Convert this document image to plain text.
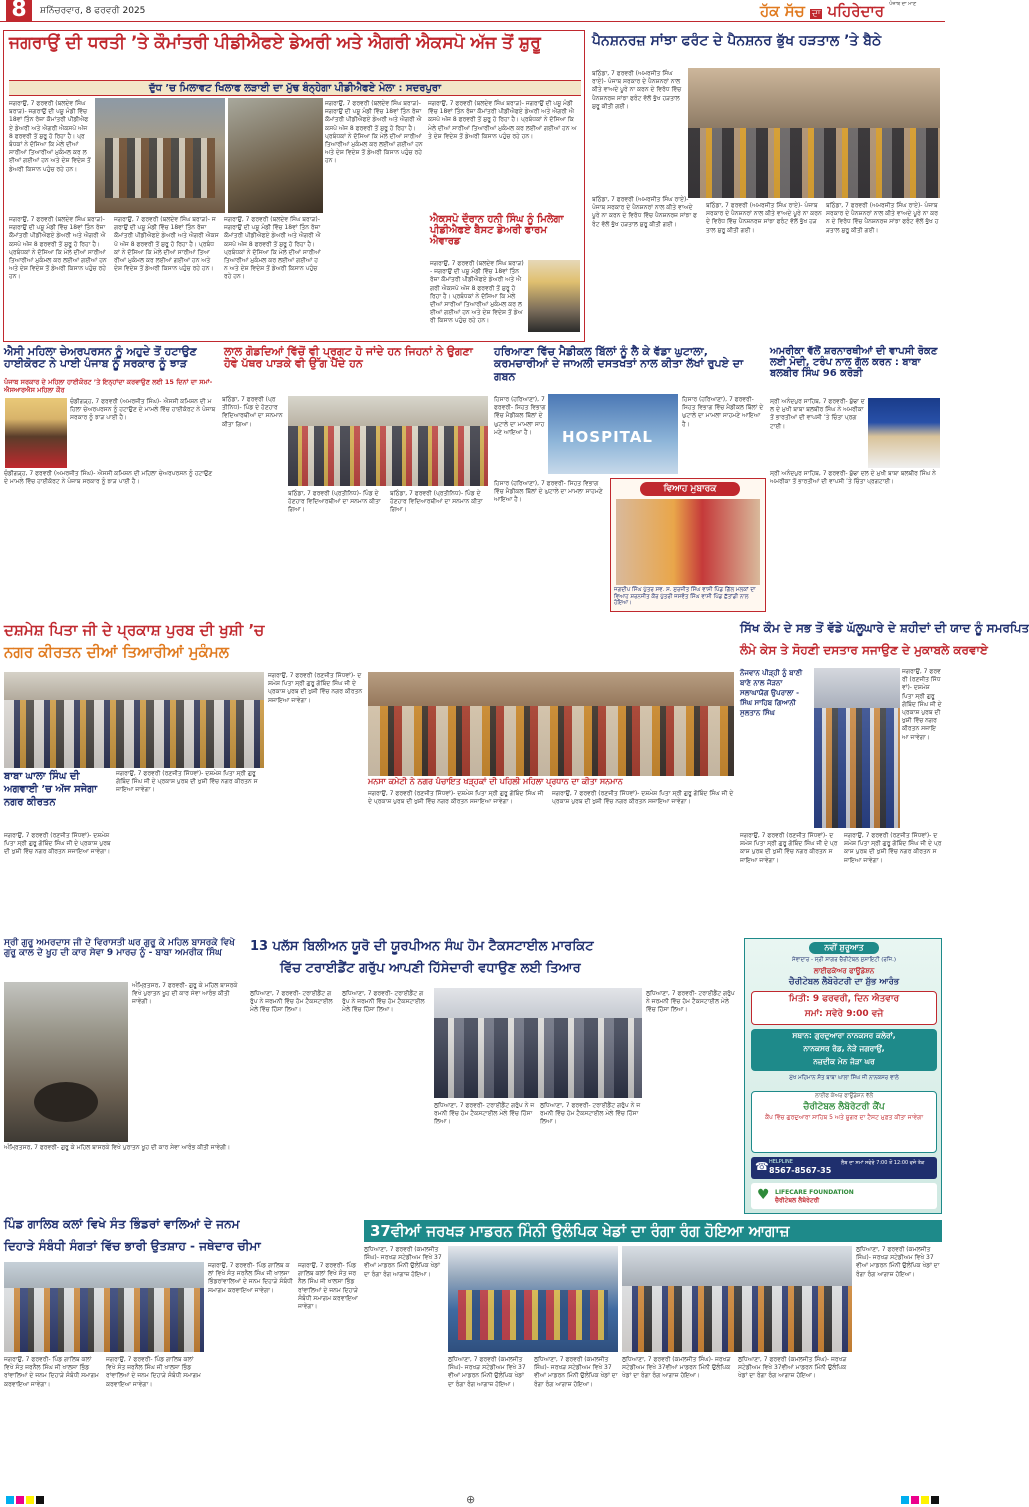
8	ਸ਼ਨਿੱਚਰਵਾਰ, 8 ਫਰਵਰੀ 2025	ਹੱਕ ਸੱਚ ਦਾ ਪਹਿਰੇਦਾਰ $^{ਪੰਜਾਬ ਦਾ ਮਾਣ}$
ਜਗਰਾਉਂ ਦੀ ਧਰਤੀ ’ਤੇ ਕੌਮਾਂਤਰੀ ਪੀਡੀਐਫਏ ਡੇਅਰੀ ਅਤੇ ਐਗਰੀ ਐਕਸਪੋ ਅੱਜ ਤੋਂ ਸ਼ੁਰੂ
ਦੁੱਧ ’ਚ ਮਿਲਾਵਟ ਖਿਲਾਫ ਲੜਾਈ ਦਾ ਮੁੱਢ ਬੰਨ੍ਹੇਗਾ ਪੀਡੀਐਫਏ ਮੇਲਾ : ਸਦਰਪੁਰਾ
ਜਗਰਾਉਂ, 7 ਫਰਵਰੀ (ਬਲਦੇਵ ਸਿੰਘ ਬਰਾੜ)- ਜਗਰਾਉਂ ਦੀ ਪਸ਼ੂ ਮੰਡੀ ਵਿੱਚ 18ਵਾਂ ਤਿੰਨ ਰੋਜ਼ਾ ਕੌਮਾਂਤਰੀ ਪੀਡੀਐਫਏ ਡੇਅਰੀ ਅਤੇ ਐਗਰੀ ਐਕਸਪੋ ਅੱਜ 8 ਫਰਵਰੀ ਤੋਂ ਸ਼ੁਰੂ ਹੋ ਰਿਹਾ ਹੈ। ਪ੍ਰਬੰਧਕਾਂ ਨੇ ਦੱਸਿਆ ਕਿ ਮੇਲੇ ਦੀਆਂ ਸਾਰੀਆਂ ਤਿਆਰੀਆਂ ਮੁਕੰਮਲ ਕਰ ਲਈਆਂ ਗਈਆਂ ਹਨ ਅਤੇ ਦੇਸ਼ ਵਿਦੇਸ਼ ਤੋਂ ਡੇਅਰੀ ਕਿਸਾਨ ਪਹੁੰਚ ਰਹੇ ਹਨ।
ਜਗਰਾਉਂ, 7 ਫਰਵਰੀ (ਬਲਦੇਵ ਸਿੰਘ ਬਰਾੜ)- ਜਗਰਾਉਂ ਦੀ ਪਸ਼ੂ ਮੰਡੀ ਵਿੱਚ 18ਵਾਂ ਤਿੰਨ ਰੋਜ਼ਾ ਕੌਮਾਂਤਰੀ ਪੀਡੀਐਫਏ ਡੇਅਰੀ ਅਤੇ ਐਗਰੀ ਐਕਸਪੋ ਅੱਜ 8 ਫਰਵਰੀ ਤੋਂ ਸ਼ੁਰੂ ਹੋ ਰਿਹਾ ਹੈ। ਪ੍ਰਬੰਧਕਾਂ ਨੇ ਦੱਸਿਆ ਕਿ ਮੇਲੇ ਦੀਆਂ ਸਾਰੀਆਂ ਤਿਆਰੀਆਂ ਮੁਕੰਮਲ ਕਰ ਲਈਆਂ ਗਈਆਂ ਹਨ ਅਤੇ ਦੇਸ਼ ਵਿਦੇਸ਼ ਤੋਂ ਡੇਅਰੀ ਕਿਸਾਨ ਪਹੁੰਚ ਰਹੇ ਹਨ।
ਜਗਰਾਉਂ, 7 ਫਰਵਰੀ (ਬਲਦੇਵ ਸਿੰਘ ਬਰਾੜ)- ਜਗਰਾਉਂ ਦੀ ਪਸ਼ੂ ਮੰਡੀ ਵਿੱਚ 18ਵਾਂ ਤਿੰਨ ਰੋਜ਼ਾ ਕੌਮਾਂਤਰੀ ਪੀਡੀਐਫਏ ਡੇਅਰੀ ਅਤੇ ਐਗਰੀ ਐਕਸਪੋ ਅੱਜ 8 ਫਰਵਰੀ ਤੋਂ ਸ਼ੁਰੂ ਹੋ ਰਿਹਾ ਹੈ। ਪ੍ਰਬੰਧਕਾਂ ਨੇ ਦੱਸਿਆ ਕਿ ਮੇਲੇ ਦੀਆਂ ਸਾਰੀਆਂ ਤਿਆਰੀਆਂ ਮੁਕੰਮਲ ਕਰ ਲਈਆਂ ਗਈਆਂ ਹਨ ਅਤੇ ਦੇਸ਼ ਵਿਦੇਸ਼ ਤੋਂ ਡੇਅਰੀ ਕਿਸਾਨ ਪਹੁੰਚ ਰਹੇ ਹਨ।
ਜਗਰਾਉਂ, 7 ਫਰਵਰੀ (ਬਲਦੇਵ ਸਿੰਘ ਬਰਾੜ)- ਜਗਰਾਉਂ ਦੀ ਪਸ਼ੂ ਮੰਡੀ ਵਿੱਚ 18ਵਾਂ ਤਿੰਨ ਰੋਜ਼ਾ ਕੌਮਾਂਤਰੀ ਪੀਡੀਐਫਏ ਡੇਅਰੀ ਅਤੇ ਐਗਰੀ ਐਕਸਪੋ ਅੱਜ 8 ਫਰਵਰੀ ਤੋਂ ਸ਼ੁਰੂ ਹੋ ਰਿਹਾ ਹੈ। ਪ੍ਰਬੰਧਕਾਂ ਨੇ ਦੱਸਿਆ ਕਿ ਮੇਲੇ ਦੀਆਂ ਸਾਰੀਆਂ ਤਿਆਰੀਆਂ ਮੁਕੰਮਲ ਕਰ ਲਈਆਂ ਗਈਆਂ ਹਨ ਅਤੇ ਦੇਸ਼ ਵਿਦੇਸ਼ ਤੋਂ ਡੇਅਰੀ ਕਿਸਾਨ ਪਹੁੰਚ ਰਹੇ ਹਨ।
ਜਗਰਾਉਂ, 7 ਫਰਵਰੀ (ਬਲਦੇਵ ਸਿੰਘ ਬਰਾੜ)- ਜਗਰਾਉਂ ਦੀ ਪਸ਼ੂ ਮੰਡੀ ਵਿੱਚ 18ਵਾਂ ਤਿੰਨ ਰੋਜ਼ਾ ਕੌਮਾਂਤਰੀ ਪੀਡੀਐਫਏ ਡੇਅਰੀ ਅਤੇ ਐਗਰੀ ਐਕਸਪੋ ਅੱਜ 8 ਫਰਵਰੀ ਤੋਂ ਸ਼ੁਰੂ ਹੋ ਰਿਹਾ ਹੈ। ਪ੍ਰਬੰਧਕਾਂ ਨੇ ਦੱਸਿਆ ਕਿ ਮੇਲੇ ਦੀਆਂ ਸਾਰੀਆਂ ਤਿਆਰੀਆਂ ਮੁਕੰਮਲ ਕਰ ਲਈਆਂ ਗਈਆਂ ਹਨ ਅਤੇ ਦੇਸ਼ ਵਿਦੇਸ਼ ਤੋਂ ਡੇਅਰੀ ਕਿਸਾਨ ਪਹੁੰਚ ਰਹੇ ਹਨ।
ਜਗਰਾਉਂ, 7 ਫਰਵਰੀ (ਬਲਦੇਵ ਸਿੰਘ ਬਰਾੜ)- ਜਗਰਾਉਂ ਦੀ ਪਸ਼ੂ ਮੰਡੀ ਵਿੱਚ 18ਵਾਂ ਤਿੰਨ ਰੋਜ਼ਾ ਕੌਮਾਂਤਰੀ ਪੀਡੀਐਫਏ ਡੇਅਰੀ ਅਤੇ ਐਗਰੀ ਐਕਸਪੋ ਅੱਜ 8 ਫਰਵਰੀ ਤੋਂ ਸ਼ੁਰੂ ਹੋ ਰਿਹਾ ਹੈ। ਪ੍ਰਬੰਧਕਾਂ ਨੇ ਦੱਸਿਆ ਕਿ ਮੇਲੇ ਦੀਆਂ ਸਾਰੀਆਂ ਤਿਆਰੀਆਂ ਮੁਕੰਮਲ ਕਰ ਲਈਆਂ ਗਈਆਂ ਹਨ ਅਤੇ ਦੇਸ਼ ਵਿਦੇਸ਼ ਤੋਂ ਡੇਅਰੀ ਕਿਸਾਨ ਪਹੁੰਚ ਰਹੇ ਹਨ।
ਐਕਸਪੋ ਦੌਰਾਨ ਹਨੀ ਸਿੰਘ ਨੂੰ ਮਿਲੇਗਾ ਪੀਡੀਐਫਏ ਬੈਸਟ ਡੇਅਰੀ ਫਾਰਮ ਐਵਾਰਡ
ਜਗਰਾਉਂ, 7 ਫਰਵਰੀ (ਬਲਦੇਵ ਸਿੰਘ ਬਰਾੜ)- ਜਗਰਾਉਂ ਦੀ ਪਸ਼ੂ ਮੰਡੀ ਵਿੱਚ 18ਵਾਂ ਤਿੰਨ ਰੋਜ਼ਾ ਕੌਮਾਂਤਰੀ ਪੀਡੀਐਫਏ ਡੇਅਰੀ ਅਤੇ ਐਗਰੀ ਐਕਸਪੋ ਅੱਜ 8 ਫਰਵਰੀ ਤੋਂ ਸ਼ੁਰੂ ਹੋ ਰਿਹਾ ਹੈ। ਪ੍ਰਬੰਧਕਾਂ ਨੇ ਦੱਸਿਆ ਕਿ ਮੇਲੇ ਦੀਆਂ ਸਾਰੀਆਂ ਤਿਆਰੀਆਂ ਮੁਕੰਮਲ ਕਰ ਲਈਆਂ ਗਈਆਂ ਹਨ ਅਤੇ ਦੇਸ਼ ਵਿਦੇਸ਼ ਤੋਂ ਡੇਅਰੀ ਕਿਸਾਨ ਪਹੁੰਚ ਰਹੇ ਹਨ।
ਪੈਨਸ਼ਨਰਜ਼ ਸਾਂਝਾ ਫਰੰਟ ਦੇ ਪੈਨਸ਼ਨਰ ਭੁੱਖ ਹੜਤਾਲ ’ਤੇ ਬੈਠੇ
ਬਠਿੰਡਾ, 7 ਫਰਵਰੀ (ਅਮਰਜੀਤ ਸਿੰਘ ਰਾਏ)- ਪੰਜਾਬ ਸਰਕਾਰ ਦੇ ਪੈਨਸ਼ਨਰਾਂ ਨਾਲ ਕੀਤੇ ਵਾਅਦੇ ਪੂਰੇ ਨਾ ਕਰਨ ਦੇ ਵਿਰੋਧ ਵਿੱਚ ਪੈਨਸ਼ਨਰਜ਼ ਸਾਂਝਾ ਫਰੰਟ ਵੱਲੋਂ ਭੁੱਖ ਹੜਤਾਲ ਸ਼ੁਰੂ ਕੀਤੀ ਗਈ।
ਬਠਿੰਡਾ, 7 ਫਰਵਰੀ (ਅਮਰਜੀਤ ਸਿੰਘ ਰਾਏ)- ਪੰਜਾਬ ਸਰਕਾਰ ਦੇ ਪੈਨਸ਼ਨਰਾਂ ਨਾਲ ਕੀਤੇ ਵਾਅਦੇ ਪੂਰੇ ਨਾ ਕਰਨ ਦੇ ਵਿਰੋਧ ਵਿੱਚ ਪੈਨਸ਼ਨਰਜ਼ ਸਾਂਝਾ ਫਰੰਟ ਵੱਲੋਂ ਭੁੱਖ ਹੜਤਾਲ ਸ਼ੁਰੂ ਕੀਤੀ ਗਈ।
ਬਠਿੰਡਾ, 7 ਫਰਵਰੀ (ਅਮਰਜੀਤ ਸਿੰਘ ਰਾਏ)- ਪੰਜਾਬ ਸਰਕਾਰ ਦੇ ਪੈਨਸ਼ਨਰਾਂ ਨਾਲ ਕੀਤੇ ਵਾਅਦੇ ਪੂਰੇ ਨਾ ਕਰਨ ਦੇ ਵਿਰੋਧ ਵਿੱਚ ਪੈਨਸ਼ਨਰਜ਼ ਸਾਂਝਾ ਫਰੰਟ ਵੱਲੋਂ ਭੁੱਖ ਹੜਤਾਲ ਸ਼ੁਰੂ ਕੀਤੀ ਗਈ।
ਬਠਿੰਡਾ, 7 ਫਰਵਰੀ (ਅਮਰਜੀਤ ਸਿੰਘ ਰਾਏ)- ਪੰਜਾਬ ਸਰਕਾਰ ਦੇ ਪੈਨਸ਼ਨਰਾਂ ਨਾਲ ਕੀਤੇ ਵਾਅਦੇ ਪੂਰੇ ਨਾ ਕਰਨ ਦੇ ਵਿਰੋਧ ਵਿੱਚ ਪੈਨਸ਼ਨਰਜ਼ ਸਾਂਝਾ ਫਰੰਟ ਵੱਲੋਂ ਭੁੱਖ ਹੜਤਾਲ ਸ਼ੁਰੂ ਕੀਤੀ ਗਈ।
ਐਸੀ ਮਹਿਲਾ ਚੇਅਰਪਰਸਨ ਨੂੰ ਅਹੁਦੇ ਤੋਂ ਹਟਾਉਣ ਹਾਈਕੋਰਟ ਨੇ ਪਾਈ ਪੰਜਾਬ ਨੂੰ ਸਰਕਾਰ ਨੂੰ ਝਾੜ
ਪੰਜਾਬ ਸਰਕਾਰ ਦੇ ਮਹਿਲਾ ਹਾਈਕੋਰਟ ’ਤੇ ਇਨ੍ਹਾਂਦਾ ਕਰਵਾਉਣ ਲਈ 15 ਦਿਨਾਂ ਦਾ ਸਮਾਂ-ਐਸਆਰਐਸ ਮਹਿਲਾ ਕੌਰ
ਚੰਡੀਗੜ੍ਹ, 7 ਫਰਵਰੀ (ਅਮਰਜੀਤ ਸਿੰਘ)- ਐਸਸੀ ਕਮਿਸ਼ਨ ਦੀ ਮਹਿਲਾ ਚੇਅਰਪਰਸਨ ਨੂੰ ਹਟਾਉਣ ਦੇ ਮਾਮਲੇ ਵਿੱਚ ਹਾਈਕੋਰਟ ਨੇ ਪੰਜਾਬ ਸਰਕਾਰ ਨੂੰ ਝਾੜ ਪਾਈ ਹੈ।
ਚੰਡੀਗੜ੍ਹ, 7 ਫਰਵਰੀ (ਅਮਰਜੀਤ ਸਿੰਘ)- ਐਸਸੀ ਕਮਿਸ਼ਨ ਦੀ ਮਹਿਲਾ ਚੇਅਰਪਰਸਨ ਨੂੰ ਹਟਾਉਣ ਦੇ ਮਾਮਲੇ ਵਿੱਚ ਹਾਈਕੋਰਟ ਨੇ ਪੰਜਾਬ ਸਰਕਾਰ ਨੂੰ ਝਾੜ ਪਾਈ ਹੈ।
ਲਾਲ ਗੋਡਦਿਆਂ ਵਿੱਚੋਂ ਵੀ ਪ੍ਰਗਟ ਹੋ ਜਾਂਦੇ ਹਨ ਜਿਹਨਾਂ ਨੇ ਉਗਣਾ ਹੋਵੇ ਪੱਥਰ ਪਾੜਕੇ ਵੀ ਉੱਗ ਪੈਂਦੇ ਹਨ
ਬਠਿੰਡਾ, 7 ਫਰਵਰੀ (ਪ੍ਰਤੀਨਿਧ)- ਪਿੰਡ ਦੇ ਹੋਣਹਾਰ ਵਿਦਿਆਰਥੀਆਂ ਦਾ ਸਨਮਾਨ ਕੀਤਾ ਗਿਆ।
ਬਠਿੰਡਾ, 7 ਫਰਵਰੀ (ਪ੍ਰਤੀਨਿਧ)- ਪਿੰਡ ਦੇ ਹੋਣਹਾਰ ਵਿਦਿਆਰਥੀਆਂ ਦਾ ਸਨਮਾਨ ਕੀਤਾ ਗਿਆ।
ਬਠਿੰਡਾ, 7 ਫਰਵਰੀ (ਪ੍ਰਤੀਨਿਧ)- ਪਿੰਡ ਦੇ ਹੋਣਹਾਰ ਵਿਦਿਆਰਥੀਆਂ ਦਾ ਸਨਮਾਨ ਕੀਤਾ ਗਿਆ।
ਹਰਿਆਣਾ ਵਿੱਚ ਮੈਡੀਕਲ ਬਿੱਲਾਂ ਨੂੰ ਲੈ ਕੇ ਵੱਡਾ ਘੁਟਾਲਾ, ਕਰਮਚਾਰੀਆਂ ਦੇ ਜਾਅਲੀ ਦਸਤਖਤਾਂ ਨਾਲ ਕੀਤਾ ਲੱਖਾਂ ਰੁਪਏ ਦਾ ਗਬਨ
ਹਿਸਾਰ (ਹਰਿਆਣਾ), 7 ਫਰਵਰੀ- ਸਿਹਤ ਵਿਭਾਗ ਵਿੱਚ ਮੈਡੀਕਲ ਬਿੱਲਾਂ ਦੇ ਘੁਟਾਲੇ ਦਾ ਮਾਮਲਾ ਸਾਹਮਣੇ ਆਇਆ ਹੈ।	HOSPITAL
ਹਿਸਾਰ (ਹਰਿਆਣਾ), 7 ਫਰਵਰੀ- ਸਿਹਤ ਵਿਭਾਗ ਵਿੱਚ ਮੈਡੀਕਲ ਬਿੱਲਾਂ ਦੇ ਘੁਟਾਲੇ ਦਾ ਮਾਮਲਾ ਸਾਹਮਣੇ ਆਇਆ ਹੈ।
ਹਿਸਾਰ (ਹਰਿਆਣਾ), 7 ਫਰਵਰੀ- ਸਿਹਤ ਵਿਭਾਗ ਵਿੱਚ ਮੈਡੀਕਲ ਬਿੱਲਾਂ ਦੇ ਘੁਟਾਲੇ ਦਾ ਮਾਮਲਾ ਸਾਹਮਣੇ ਆਇਆ ਹੈ।
ਵਿਆਹ ਮੁਬਾਰਕ
ਜਗਦੀਪ ਸਿੰਘ ਪੁੱਤਰ ਸਵ. ਸ. ਸੁਰਜੀਤ ਸਿੰਘ ਵਾਸੀ ਪਿੰਡ ਗਿੱਲ ਮਲਕਾਂ ਦਾ ਵਿਆਹ ਸ਼ਰਨਜੀਤ ਕੌਰ ਪੁੱਤਰੀ ਜਸਵੰਤ ਸਿੰਘ ਵਾਸੀ ਪਿੰਡ ਛੱਤਾਂਡੀ ਨਾਲ ਹੋਇਆ।
ਅਮਰੀਕਾ ਵੱਲੋਂ ਸ਼ਰਨਾਰਥੀਆਂ ਦੀ ਵਾਪਸੀ ਰੋਕਣ ਲਈ ਮੋਦੀ, ਟਰੰਪ ਨਾਲ ਗੱਲ ਕਰਨ : ਬਾਬਾ ਬਲਬੀਰ ਸਿੰਘ 96 ਕਰੋੜੀ
ਸ੍ਰੀ ਅਨੰਦਪੁਰ ਸਾਹਿਬ, 7 ਫਰਵਰੀ- ਬੁੱਢਾ ਦਲ ਦੇ ਮੁਖੀ ਬਾਬਾ ਬਲਬੀਰ ਸਿੰਘ ਨੇ ਅਮਰੀਕਾ ਤੋਂ ਭਾਰਤੀਆਂ ਦੀ ਵਾਪਸੀ ’ਤੇ ਚਿੰਤਾ ਪ੍ਰਗਟਾਈ।
ਸ੍ਰੀ ਅਨੰਦਪੁਰ ਸਾਹਿਬ, 7 ਫਰਵਰੀ- ਬੁੱਢਾ ਦਲ ਦੇ ਮੁਖੀ ਬਾਬਾ ਬਲਬੀਰ ਸਿੰਘ ਨੇ ਅਮਰੀਕਾ ਤੋਂ ਭਾਰਤੀਆਂ ਦੀ ਵਾਪਸੀ ’ਤੇ ਚਿੰਤਾ ਪ੍ਰਗਟਾਈ।
ਦਸ਼ਮੇਸ਼ ਪਿਤਾ ਜੀ ਦੇ ਪ੍ਰਕਾਸ਼ ਪੁਰਬ ਦੀ ਖੁਸ਼ੀ ’ਚ
ਨਗਰ ਕੀਰਤਨ ਦੀਆਂ ਤਿਆਰੀਆਂ ਮੁਕੰਮਲ
ਬਾਬਾ ਘਾਲਾ ਸਿੰਘ ਦੀ ਅਗਵਾਈ ’ਚ ਅੱਜ ਸਜੇਗਾ ਨਗਰ ਕੀਰਤਨ
ਜਗਰਾਉਂ, 7 ਫਰਵਰੀ (ਰਣਜੀਤ ਸਿੱਧਵਾਂ)- ਦਸ਼ਮੇਸ਼ ਪਿਤਾ ਸ੍ਰੀ ਗੁਰੂ ਗੋਬਿੰਦ ਸਿੰਘ ਜੀ ਦੇ ਪ੍ਰਕਾਸ਼ ਪੁਰਬ ਦੀ ਖੁਸ਼ੀ ਵਿੱਚ ਨਗਰ ਕੀਰਤਨ ਸਜਾਇਆ ਜਾਵੇਗਾ।
ਜਗਰਾਉਂ, 7 ਫਰਵਰੀ (ਰਣਜੀਤ ਸਿੱਧਵਾਂ)- ਦਸ਼ਮੇਸ਼ ਪਿਤਾ ਸ੍ਰੀ ਗੁਰੂ ਗੋਬਿੰਦ ਸਿੰਘ ਜੀ ਦੇ ਪ੍ਰਕਾਸ਼ ਪੁਰਬ ਦੀ ਖੁਸ਼ੀ ਵਿੱਚ ਨਗਰ ਕੀਰਤਨ ਸਜਾਇਆ ਜਾਵੇਗਾ।
ਜਗਰਾਉਂ, 7 ਫਰਵਰੀ (ਰਣਜੀਤ ਸਿੱਧਵਾਂ)- ਦਸ਼ਮੇਸ਼ ਪਿਤਾ ਸ੍ਰੀ ਗੁਰੂ ਗੋਬਿੰਦ ਸਿੰਘ ਜੀ ਦੇ ਪ੍ਰਕਾਸ਼ ਪੁਰਬ ਦੀ ਖੁਸ਼ੀ ਵਿੱਚ ਨਗਰ ਕੀਰਤਨ ਸਜਾਇਆ ਜਾਵੇਗਾ।
ਮਨਸਾ ਕਮੇਟੀ ਨੇ ਨਗਰ ਪੰਚਾਇਤ ਖੜ੍ਹਕਾਂ ਦੀ ਪਹਿਲੀ ਮਹਿਲਾ ਪ੍ਰਧਾਨ ਦਾ ਕੀਤਾ ਸਨਮਾਨ
ਜਗਰਾਉਂ, 7 ਫਰਵਰੀ (ਰਣਜੀਤ ਸਿੱਧਵਾਂ)- ਦਸ਼ਮੇਸ਼ ਪਿਤਾ ਸ੍ਰੀ ਗੁਰੂ ਗੋਬਿੰਦ ਸਿੰਘ ਜੀ ਦੇ ਪ੍ਰਕਾਸ਼ ਪੁਰਬ ਦੀ ਖੁਸ਼ੀ ਵਿੱਚ ਨਗਰ ਕੀਰਤਨ ਸਜਾਇਆ ਜਾਵੇਗਾ।
ਜਗਰਾਉਂ, 7 ਫਰਵਰੀ (ਰਣਜੀਤ ਸਿੱਧਵਾਂ)- ਦਸ਼ਮੇਸ਼ ਪਿਤਾ ਸ੍ਰੀ ਗੁਰੂ ਗੋਬਿੰਦ ਸਿੰਘ ਜੀ ਦੇ ਪ੍ਰਕਾਸ਼ ਪੁਰਬ ਦੀ ਖੁਸ਼ੀ ਵਿੱਚ ਨਗਰ ਕੀਰਤਨ ਸਜਾਇਆ ਜਾਵੇਗਾ।
ਸਿੱਖ ਕੌਮ ਦੇ ਸਭ ਤੋਂ ਵੱਡੇ ਘੱਲੂਘਾਰੇ ਦੇ ਸ਼ਹੀਦਾਂ ਦੀ ਯਾਦ ਨੂੰ ਸਮਰਪਿਤ
ਲੰਮੇ ਕੇਸ ਤੇ ਸੋਹਣੀ ਦਸਤਾਰ ਸਜਾਉਣ ਦੇ ਮੁਕਾਬਲੇ ਕਰਵਾਏ
ਨੌਜਵਾਨ ਪੀੜ੍ਹੀ ਨੂੰ ਬਾਣੀ ਬਾਣੇ ਨਾਲ ਜੋੜਨਾ ਸਲਾਘਾਯੋਗ ਉਪਰਾਲਾ - ਸਿੰਘ ਸਾਹਿਬ ਗਿਆਨੀ ਸੁਲਤਾਨ ਸਿੰਘ
ਜਗਰਾਉਂ, 7 ਫਰਵਰੀ (ਰਣਜੀਤ ਸਿੱਧਵਾਂ)- ਦਸ਼ਮੇਸ਼ ਪਿਤਾ ਸ੍ਰੀ ਗੁਰੂ ਗੋਬਿੰਦ ਸਿੰਘ ਜੀ ਦੇ ਪ੍ਰਕਾਸ਼ ਪੁਰਬ ਦੀ ਖੁਸ਼ੀ ਵਿੱਚ ਨਗਰ ਕੀਰਤਨ ਸਜਾਇਆ ਜਾਵੇਗਾ।
ਜਗਰਾਉਂ, 7 ਫਰਵਰੀ (ਰਣਜੀਤ ਸਿੱਧਵਾਂ)- ਦਸ਼ਮੇਸ਼ ਪਿਤਾ ਸ੍ਰੀ ਗੁਰੂ ਗੋਬਿੰਦ ਸਿੰਘ ਜੀ ਦੇ ਪ੍ਰਕਾਸ਼ ਪੁਰਬ ਦੀ ਖੁਸ਼ੀ ਵਿੱਚ ਨਗਰ ਕੀਰਤਨ ਸਜਾਇਆ ਜਾਵੇਗਾ।
ਜਗਰਾਉਂ, 7 ਫਰਵਰੀ (ਰਣਜੀਤ ਸਿੱਧਵਾਂ)- ਦਸ਼ਮੇਸ਼ ਪਿਤਾ ਸ੍ਰੀ ਗੁਰੂ ਗੋਬਿੰਦ ਸਿੰਘ ਜੀ ਦੇ ਪ੍ਰਕਾਸ਼ ਪੁਰਬ ਦੀ ਖੁਸ਼ੀ ਵਿੱਚ ਨਗਰ ਕੀਰਤਨ ਸਜਾਇਆ ਜਾਵੇਗਾ।
ਸ੍ਰੀ ਗੁਰੂ ਅਮਰਦਾਸ ਜੀ ਦੇ ਵਿਰਾਸਤੀ ਘਰ ਗੁਰੂ ਕੇ ਮਹਿਲ ਬਾਸਰਕੇ ਵਿਖੇ ਗੁਰੂ ਕਾਲ ਦੇ ਖੂਹ ਦੀ ਕਾਰ ਸੇਵਾ 9 ਮਾਰਚ ਨੂੰ - ਬਾਬਾ ਅਮਰੀਕ ਸਿੰਘ
ਅੰਮ੍ਰਿਤਸਰ, 7 ਫਰਵਰੀ- ਗੁਰੂ ਕੇ ਮਹਿਲ ਬਾਸਰਕੇ ਵਿਖੇ ਪੁਰਾਤਨ ਖੂਹ ਦੀ ਕਾਰ ਸੇਵਾ ਆਰੰਭ ਕੀਤੀ ਜਾਵੇਗੀ।
ਅੰਮ੍ਰਿਤਸਰ, 7 ਫਰਵਰੀ- ਗੁਰੂ ਕੇ ਮਹਿਲ ਬਾਸਰਕੇ ਵਿਖੇ ਪੁਰਾਤਨ ਖੂਹ ਦੀ ਕਾਰ ਸੇਵਾ ਆਰੰਭ ਕੀਤੀ ਜਾਵੇਗੀ।
13 ਪਲੱਸ ਬਿਲੀਅਨ ਯੂਰੋ ਦੀ ਯੂਰਪੀਅਨ ਸੰਘ ਹੋਮ ਟੈਕਸਟਾਈਲ ਮਾਰਕਿਟ
ਵਿੱਚ ਟਰਾਈਡੈਂਟ ਗਰੁੱਪ ਆਪਣੀ ਹਿੱਸੇਦਾਰੀ ਵਧਾਉਣ ਲਈ ਤਿਆਰ
ਲੁਧਿਆਣਾ, 7 ਫਰਵਰੀ- ਟਰਾਈਡੈਂਟ ਗਰੁੱਪ ਨੇ ਜਰਮਨੀ ਵਿੱਚ ਹੋਮ ਟੈਕਸਟਾਈਲ ਮੇਲੇ ਵਿੱਚ ਹਿੱਸਾ ਲਿਆ।
ਲੁਧਿਆਣਾ, 7 ਫਰਵਰੀ- ਟਰਾਈਡੈਂਟ ਗਰੁੱਪ ਨੇ ਜਰਮਨੀ ਵਿੱਚ ਹੋਮ ਟੈਕਸਟਾਈਲ ਮੇਲੇ ਵਿੱਚ ਹਿੱਸਾ ਲਿਆ।
ਲੁਧਿਆਣਾ, 7 ਫਰਵਰੀ- ਟਰਾਈਡੈਂਟ ਗਰੁੱਪ ਨੇ ਜਰਮਨੀ ਵਿੱਚ ਹੋਮ ਟੈਕਸਟਾਈਲ ਮੇਲੇ ਵਿੱਚ ਹਿੱਸਾ ਲਿਆ।
ਲੁਧਿਆਣਾ, 7 ਫਰਵਰੀ- ਟਰਾਈਡੈਂਟ ਗਰੁੱਪ ਨੇ ਜਰਮਨੀ ਵਿੱਚ ਹੋਮ ਟੈਕਸਟਾਈਲ ਮੇਲੇ ਵਿੱਚ ਹਿੱਸਾ ਲਿਆ।
ਲੁਧਿਆਣਾ, 7 ਫਰਵਰੀ- ਟਰਾਈਡੈਂਟ ਗਰੁੱਪ ਨੇ ਜਰਮਨੀ ਵਿੱਚ ਹੋਮ ਟੈਕਸਟਾਈਲ ਮੇਲੇ ਵਿੱਚ ਹਿੱਸਾ ਲਿਆ।
ਨਵੀਂ ਸ਼ੁਰੂਆਤ
ਸੇਵਾਦਾਰ - ਸ੍ਰੀ ਸਾਗਰ ਚੈਰੀਟੇਬਲ ਸੁਸਾਇਟੀ (ਰਜਿ.)
ਲਾਈਫਕੇਅਰ ਫਾਊਂਡੇਸ਼ਨ
ਚੈਰੀਟੇਬਲ ਲੈਬੋਰੇਟਰੀ ਦਾ ਸ਼ੁੱਭ ਆਰੰਭ
ਮਿਤੀ: 9 ਫਰਵਰੀ, ਦਿਨ ਐਤਵਾਰ
ਸਮਾਂ: ਸਵੇਰੇ 9:00 ਵਜੇ
ਸਥਾਨ: ਗੁਰਦੁਆਰਾ ਨਾਨਕਸਰ ਕਲੇਰਾਂ,
ਨਾਨਕਸਰ ਰੋਡ, ਨੇੜੇ ਜਗਰਾਉਂ,
ਨਜ਼ਦੀਕ ਮੇਨ ਜੋੜਾ ਘਰ
ਮੁੱਖ ਮਹਿਮਾਨ ਸੰਤ ਬਾਬਾ ਘਾਲਾ ਸਿੰਘ ਜੀ ਨਾਨਕਸਰ ਵਾਲੇ
ਲਾਈਫ ਕੇਅਰ ਫਾਊਂਡੇਸ਼ਨ ਵੱਲੋਂ
ਚੈਰੀਟੇਬਲ ਲੈਬੋਰੇਟਰੀ ਕੈਂਪ
ਕੈਂਪ ਵਿੱਚ ਗੁਰਦੁਆਰਾ ਸਾਹਿਬ 5 ਅਤੇ ਸ਼ੂਗਰ ਦਾ ਟੈਸਟ ਮੁਫ਼ਤ ਕੀਤਾ ਜਾਵੇਗਾ
☎ HELPLINE
8567-8567-35
ਲੈਬ ਦਾ ਸਮਾਂ ਸਵੇਰੇ 7:00 ਤੋਂ 12:00 ਵਜੇ ਤੱਕ
♥ LIFECARE FOUNDATION
ਚੈਰੀਟੇਬਲ ਲੈਬੋਰੇਟਰੀ
ਪਿੰਡ ਗਾਲਿਬ ਕਲਾਂ ਵਿਖੇ ਸੰਤ ਭਿੰਡਰਾਂ ਵਾਲਿਆਂ ਦੇ ਜਨਮ
ਦਿਹਾੜੇ ਸੰਬੰਧੀ ਸੰਗਤਾਂ ਵਿੱਚ ਭਾਰੀ ਉਤਸ਼ਾਹ - ਜਥੇਦਾਰ ਚੀਮਾ
ਜਗਰਾਉਂ, 7 ਫਰਵਰੀ- ਪਿੰਡ ਗਾਲਿਬ ਕਲਾਂ ਵਿਖੇ ਸੰਤ ਜਰਨੈਲ ਸਿੰਘ ਜੀ ਖਾਲਸਾ ਭਿੰਡਰਾਂਵਾਲਿਆਂ ਦੇ ਜਨਮ ਦਿਹਾੜੇ ਸੰਬੰਧੀ ਸਮਾਗਮ ਕਰਵਾਇਆ ਜਾਵੇਗਾ।
ਜਗਰਾਉਂ, 7 ਫਰਵਰੀ- ਪਿੰਡ ਗਾਲਿਬ ਕਲਾਂ ਵਿਖੇ ਸੰਤ ਜਰਨੈਲ ਸਿੰਘ ਜੀ ਖਾਲਸਾ ਭਿੰਡਰਾਂਵਾਲਿਆਂ ਦੇ ਜਨਮ ਦਿਹਾੜੇ ਸੰਬੰਧੀ ਸਮਾਗਮ ਕਰਵਾਇਆ ਜਾਵੇਗਾ।
ਜਗਰਾਉਂ, 7 ਫਰਵਰੀ- ਪਿੰਡ ਗਾਲਿਬ ਕਲਾਂ ਵਿਖੇ ਸੰਤ ਜਰਨੈਲ ਸਿੰਘ ਜੀ ਖਾਲਸਾ ਭਿੰਡਰਾਂਵਾਲਿਆਂ ਦੇ ਜਨਮ ਦਿਹਾੜੇ ਸੰਬੰਧੀ ਸਮਾਗਮ ਕਰਵਾਇਆ ਜਾਵੇਗਾ।
ਜਗਰਾਉਂ, 7 ਫਰਵਰੀ- ਪਿੰਡ ਗਾਲਿਬ ਕਲਾਂ ਵਿਖੇ ਸੰਤ ਜਰਨੈਲ ਸਿੰਘ ਜੀ ਖਾਲਸਾ ਭਿੰਡਰਾਂਵਾਲਿਆਂ ਦੇ ਜਨਮ ਦਿਹਾੜੇ ਸੰਬੰਧੀ ਸਮਾਗਮ ਕਰਵਾਇਆ ਜਾਵੇਗਾ।
37ਵੀਆਂ ਜਰਖੜ ਮਾਡਰਨ ਮਿੰਨੀ ਉਲੰਪਿਕ ਖੇਡਾਂ ਦਾ ਰੰਗਾ ਰੰਗ ਹੋਇਆ ਆਗਾਜ਼
ਲੁਧਿਆਣਾ, 7 ਫਰਵਰੀ (ਕਮਲਜੀਤ ਸਿੰਘ)- ਜਰਖੜ ਸਟੇਡੀਅਮ ਵਿਖੇ 37ਵੀਆਂ ਮਾਡਰਨ ਮਿੰਨੀ ਉਲੰਪਿਕ ਖੇਡਾਂ ਦਾ ਰੰਗਾ ਰੰਗ ਆਗਾਜ਼ ਹੋਇਆ।
ਲੁਧਿਆਣਾ, 7 ਫਰਵਰੀ (ਕਮਲਜੀਤ ਸਿੰਘ)- ਜਰਖੜ ਸਟੇਡੀਅਮ ਵਿਖੇ 37ਵੀਆਂ ਮਾਡਰਨ ਮਿੰਨੀ ਉਲੰਪਿਕ ਖੇਡਾਂ ਦਾ ਰੰਗਾ ਰੰਗ ਆਗਾਜ਼ ਹੋਇਆ।
ਲੁਧਿਆਣਾ, 7 ਫਰਵਰੀ (ਕਮਲਜੀਤ ਸਿੰਘ)- ਜਰਖੜ ਸਟੇਡੀਅਮ ਵਿਖੇ 37ਵੀਆਂ ਮਾਡਰਨ ਮਿੰਨੀ ਉਲੰਪਿਕ ਖੇਡਾਂ ਦਾ ਰੰਗਾ ਰੰਗ ਆਗਾਜ਼ ਹੋਇਆ।
ਲੁਧਿਆਣਾ, 7 ਫਰਵਰੀ (ਕਮਲਜੀਤ ਸਿੰਘ)- ਜਰਖੜ ਸਟੇਡੀਅਮ ਵਿਖੇ 37ਵੀਆਂ ਮਾਡਰਨ ਮਿੰਨੀ ਉਲੰਪਿਕ ਖੇਡਾਂ ਦਾ ਰੰਗਾ ਰੰਗ ਆਗਾਜ਼ ਹੋਇਆ।
ਲੁਧਿਆਣਾ, 7 ਫਰਵਰੀ (ਕਮਲਜੀਤ ਸਿੰਘ)- ਜਰਖੜ ਸਟੇਡੀਅਮ ਵਿਖੇ 37ਵੀਆਂ ਮਾਡਰਨ ਮਿੰਨੀ ਉਲੰਪਿਕ ਖੇਡਾਂ ਦਾ ਰੰਗਾ ਰੰਗ ਆਗਾਜ਼ ਹੋਇਆ।
ਲੁਧਿਆਣਾ, 7 ਫਰਵਰੀ (ਕਮਲਜੀਤ ਸਿੰਘ)- ਜਰਖੜ ਸਟੇਡੀਅਮ ਵਿਖੇ 37ਵੀਆਂ ਮਾਡਰਨ ਮਿੰਨੀ ਉਲੰਪਿਕ ਖੇਡਾਂ ਦਾ ਰੰਗਾ ਰੰਗ ਆਗਾਜ਼ ਹੋਇਆ।
⊕
